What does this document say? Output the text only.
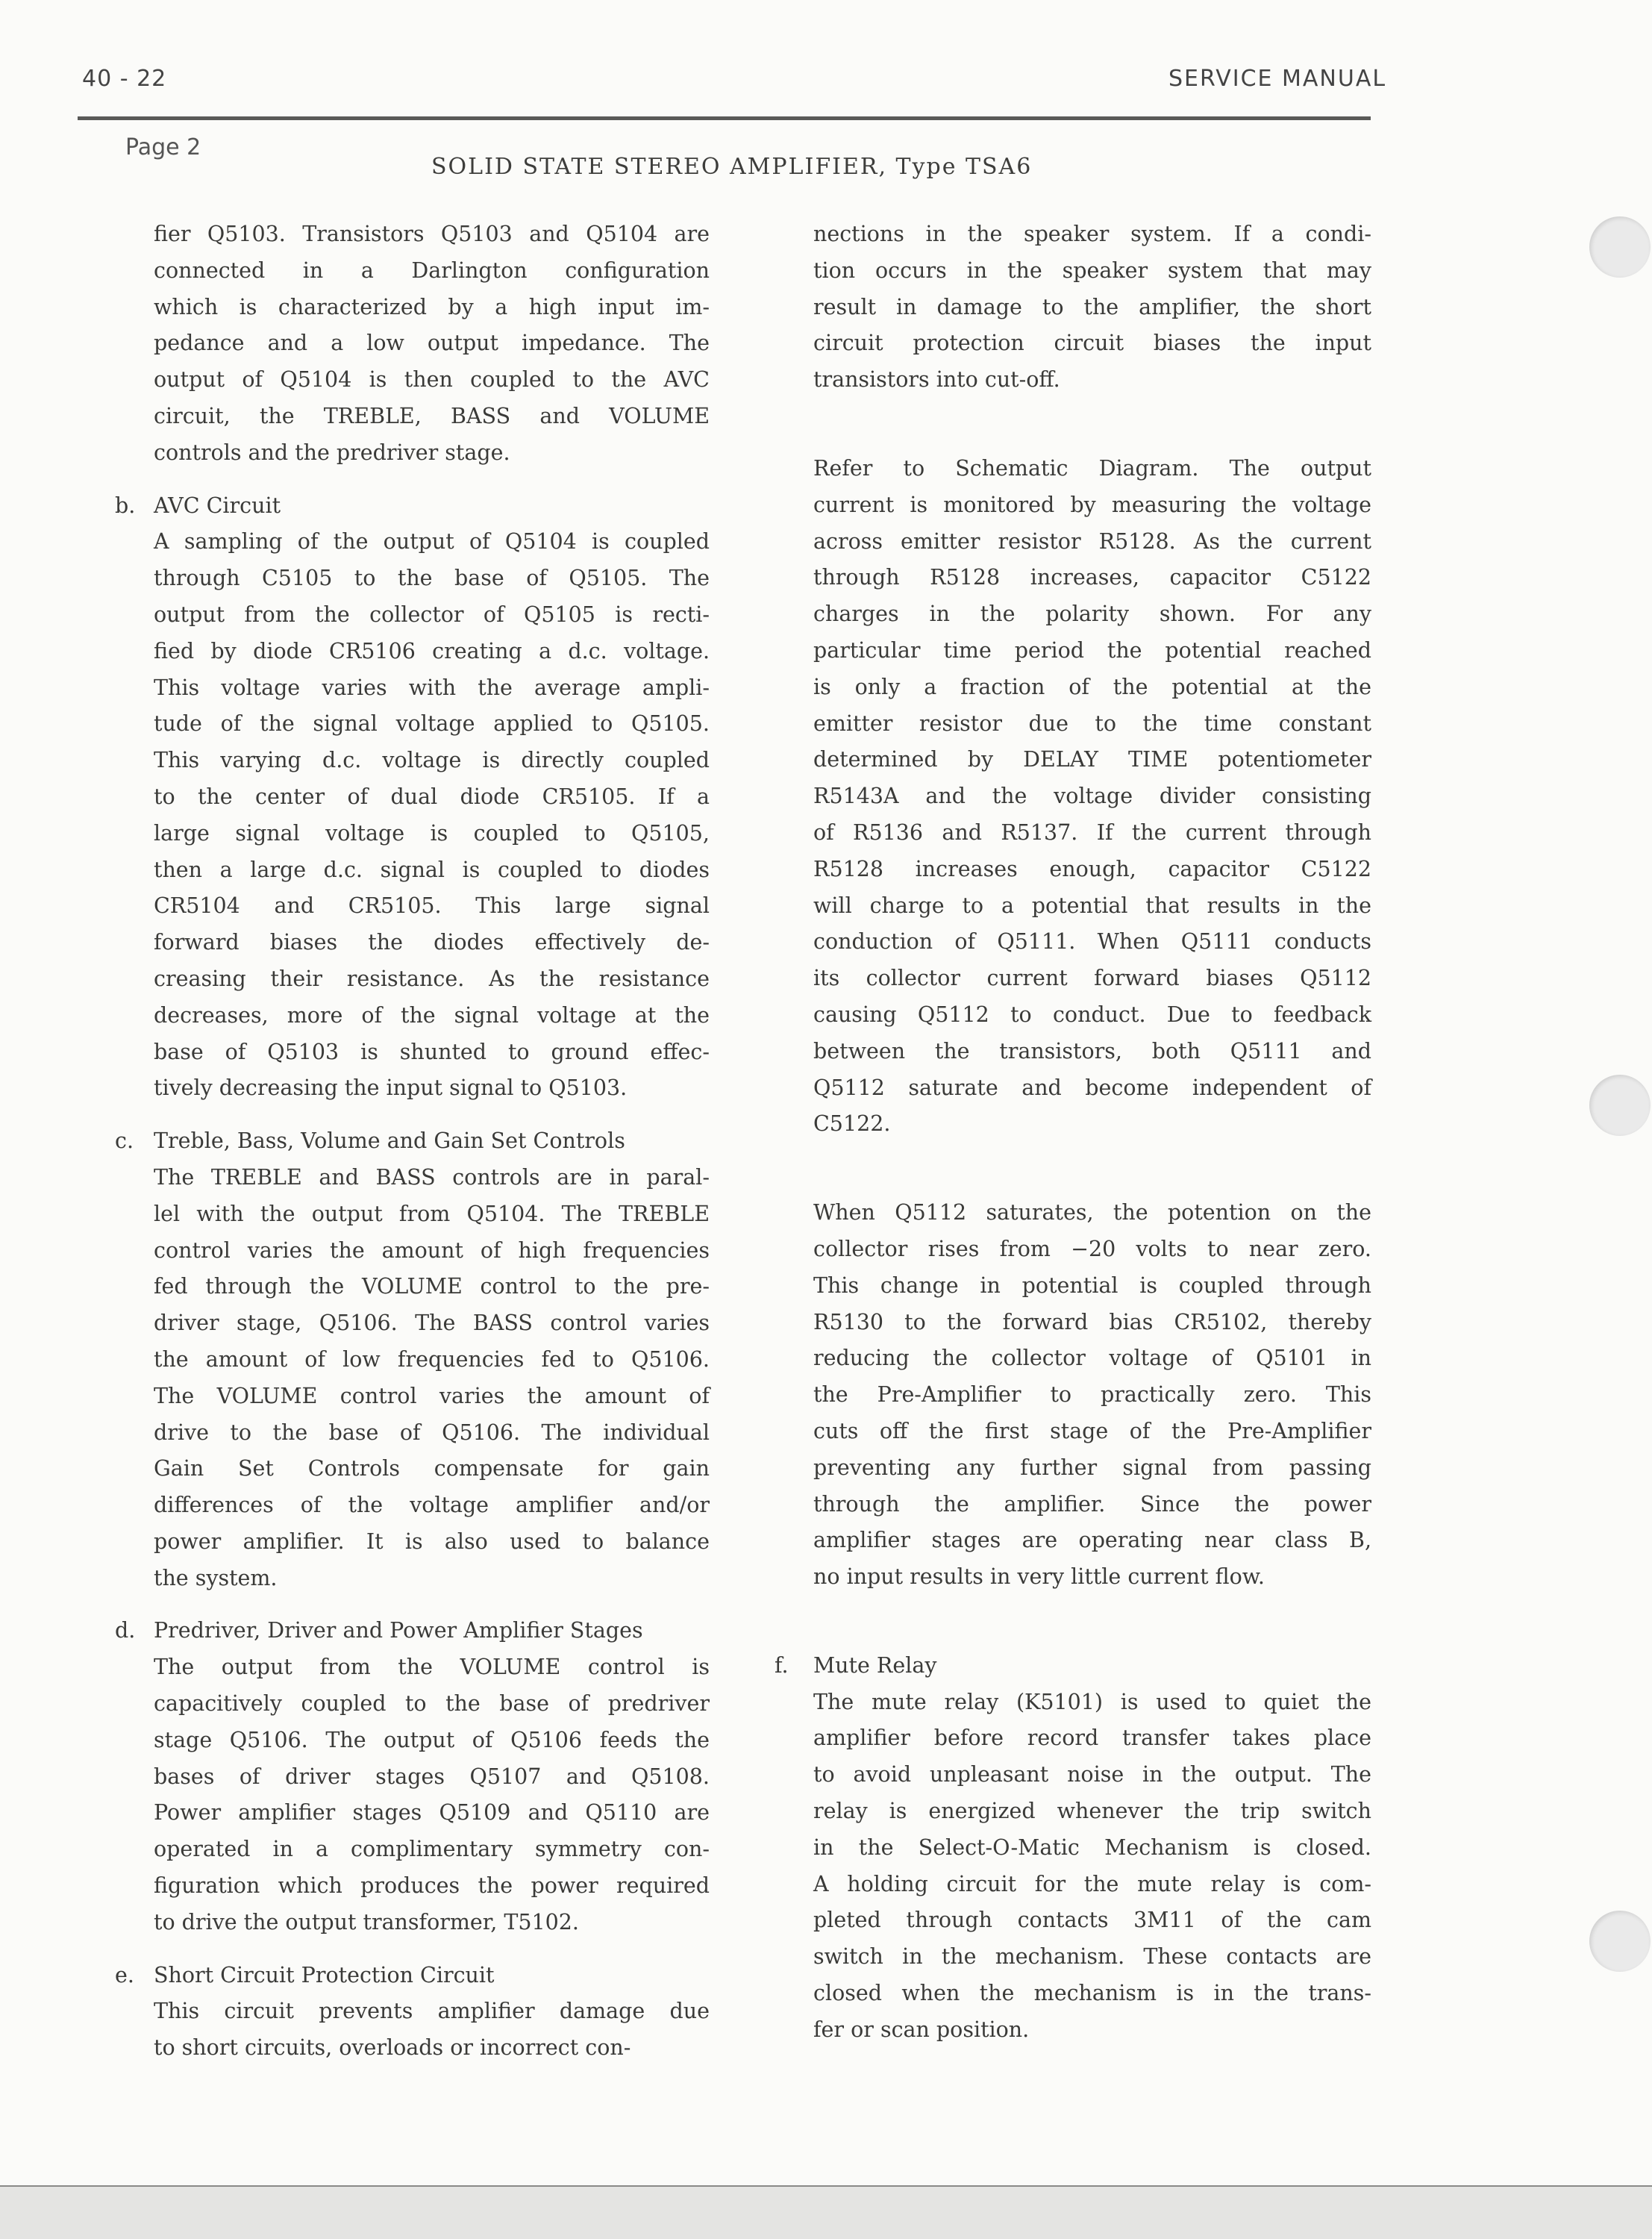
40 - 22	SERVICE MANUAL
Page 2
SOLID STATE STEREO AMPLIFIER, Type TSA6

fier Q5103. Transistors Q5103 and Q5104 are

connected in a Darlington configuration

which is characterized by a high input im-

pedance and a low output impedance. The

output of Q5104 is then coupled to the AVC

circuit, the TREBLE, BASS and VOLUME

controls and the predriver stage.

b. AVC Circuit

A sampling of the output of Q5104 is coupled

through C5105 to the base of Q5105. The

output from the collector of Q5105 is recti-

fied by diode CR5106 creating a d.c. voltage.

This voltage varies with the average ampli-

tude of the signal voltage applied to Q5105.

This varying d.c. voltage is directly coupled

to the center of dual diode CR5105. If a

large signal voltage is coupled to Q5105,

then a large d.c. signal is coupled to diodes

CR5104 and CR5105. This large signal

forward biases the diodes effectively de-

creasing their resistance. As the resistance

decreases, more of the signal voltage at the

base of Q5103 is shunted to ground effec-

tively decreasing the input signal to Q5103.

c. Treble, Bass, Volume and Gain Set Controls

The TREBLE and BASS controls are in paral-

lel with the output from Q5104. The TREBLE

control varies the amount of high frequencies

fed through the VOLUME control to the pre-

driver stage, Q5106. The BASS control varies

the amount of low frequencies fed to Q5106.

The VOLUME control varies the amount of

drive to the base of Q5106. The individual

Gain Set Controls compensate for gain

differences of the voltage amplifier and/or

power amplifier. It is also used to balance

the system.

d. Predriver, Driver and Power Amplifier Stages

The output from the VOLUME control is

capacitively coupled to the base of predriver

stage Q5106. The output of Q5106 feeds the

bases of driver stages Q5107 and Q5108.

Power amplifier stages Q5109 and Q5110 are

operated in a complimentary symmetry con-

figuration which produces the power required

to drive the output transformer, T5102.

e. Short Circuit Protection Circuit

This circuit prevents amplifier damage due

to short circuits, overloads or incorrect con-

nections in the speaker system. If a condi-

tion occurs in the speaker system that may

result in damage to the amplifier, the short

circuit protection circuit biases the input

transistors into cut-off.

Refer to Schematic Diagram. The output

current is monitored by measuring the voltage

across emitter resistor R5128. As the current

through R5128 increases, capacitor C5122

charges in the polarity shown. For any

particular time period the potential reached

is only a fraction of the potential at the

emitter resistor due to the time constant

determined by DELAY TIME potentiometer

R5143A and the voltage divider consisting

of R5136 and R5137. If the current through

R5128 increases enough, capacitor C5122

will charge to a potential that results in the

conduction of Q5111. When Q5111 conducts

its collector current forward biases Q5112

causing Q5112 to conduct. Due to feedback

between the transistors, both Q5111 and

Q5112 saturate and become independent of

C5122.

When Q5112 saturates, the potention on the

collector rises from −20 volts to near zero.

This change in potential is coupled through

R5130 to the forward bias CR5102, thereby

reducing the collector voltage of Q5101 in

the Pre-Amplifier to practically zero. This

cuts off the first stage of the Pre-Amplifier

preventing any further signal from passing

through the amplifier. Since the power

amplifier stages are operating near class B,

no input results in very little current flow.

f. Mute Relay

The mute relay (K5101) is used to quiet the

amplifier before record transfer takes place

to avoid unpleasant noise in the output. The

relay is energized whenever the trip switch

in the Select-O-Matic Mechanism is closed.

A holding circuit for the mute relay is com-

pleted through contacts 3M11 of the cam

switch in the mechanism. These contacts are

closed when the mechanism is in the trans-

fer or scan position.
